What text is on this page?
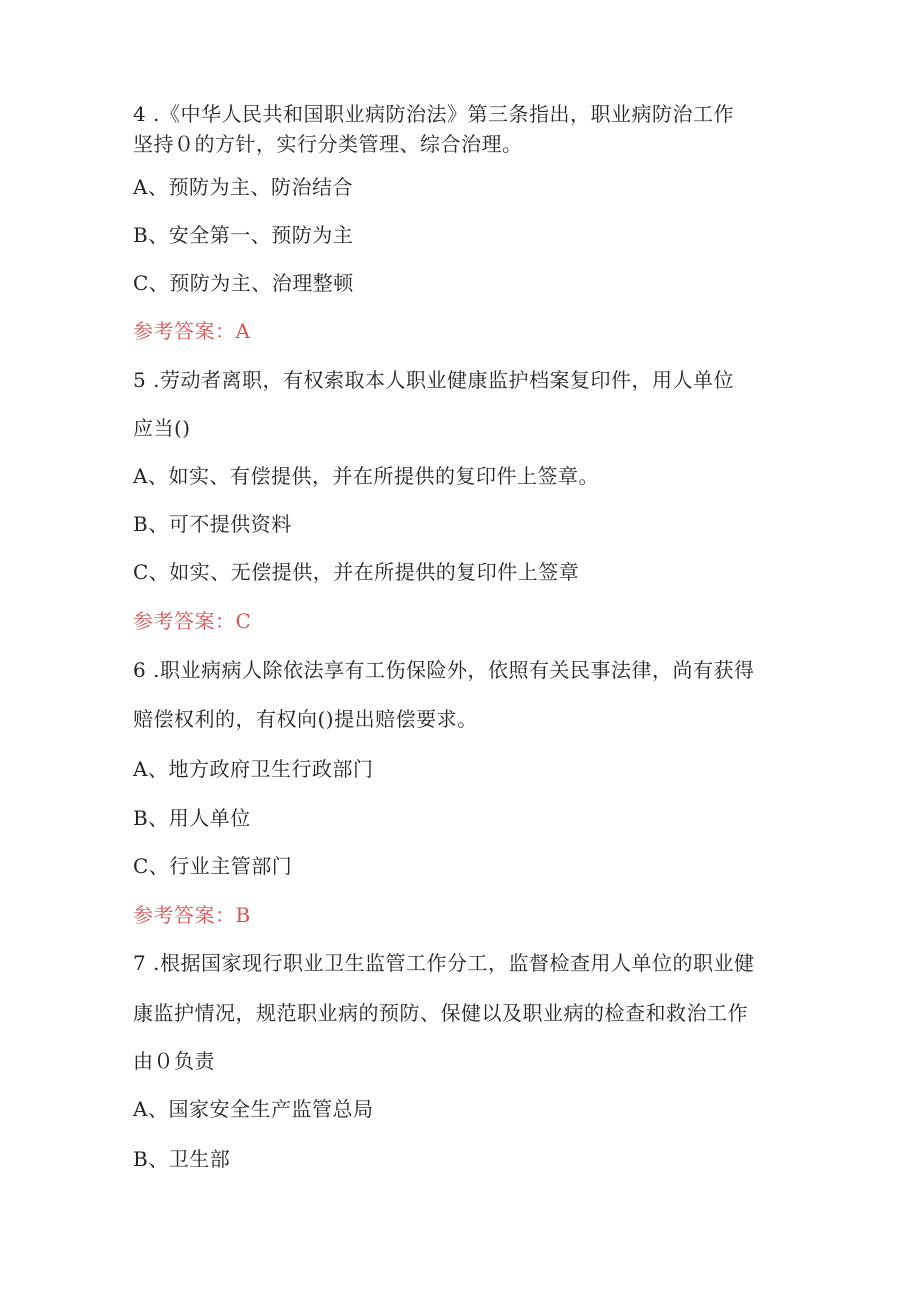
4 .《中华人民共和国职业病防治法》第三条指出，职业病防治工作
坚持０的方针，实行分类管理、综合治理。
A、预防为主、防治结合
B、安全第一、预防为主
C、预防为主、治理整顿
参考答案：A
5 .劳动者离职，有权索取本人职业健康监护档案复印件，用人单位
应当()
A、如实、有偿提供，并在所提供的复印件上签章。
B、可不提供资料
C、如实、无偿提供，并在所提供的复印件上签章
参考答案：C
6 .职业病病人除依法享有工伤保险外，依照有关民事法律，尚有获得
赔偿权利的，有权向()提出赔偿要求。
A、地方政府卫生行政部门
B、用人单位
C、行业主管部门
参考答案：B
7 .根据国家现行职业卫生监管工作分工，监督检查用人单位的职业健
康监护情况，规范职业病的预防、保健以及职业病的检查和救治工作
由０负责
A、国家安全生产监管总局
B、卫生部
